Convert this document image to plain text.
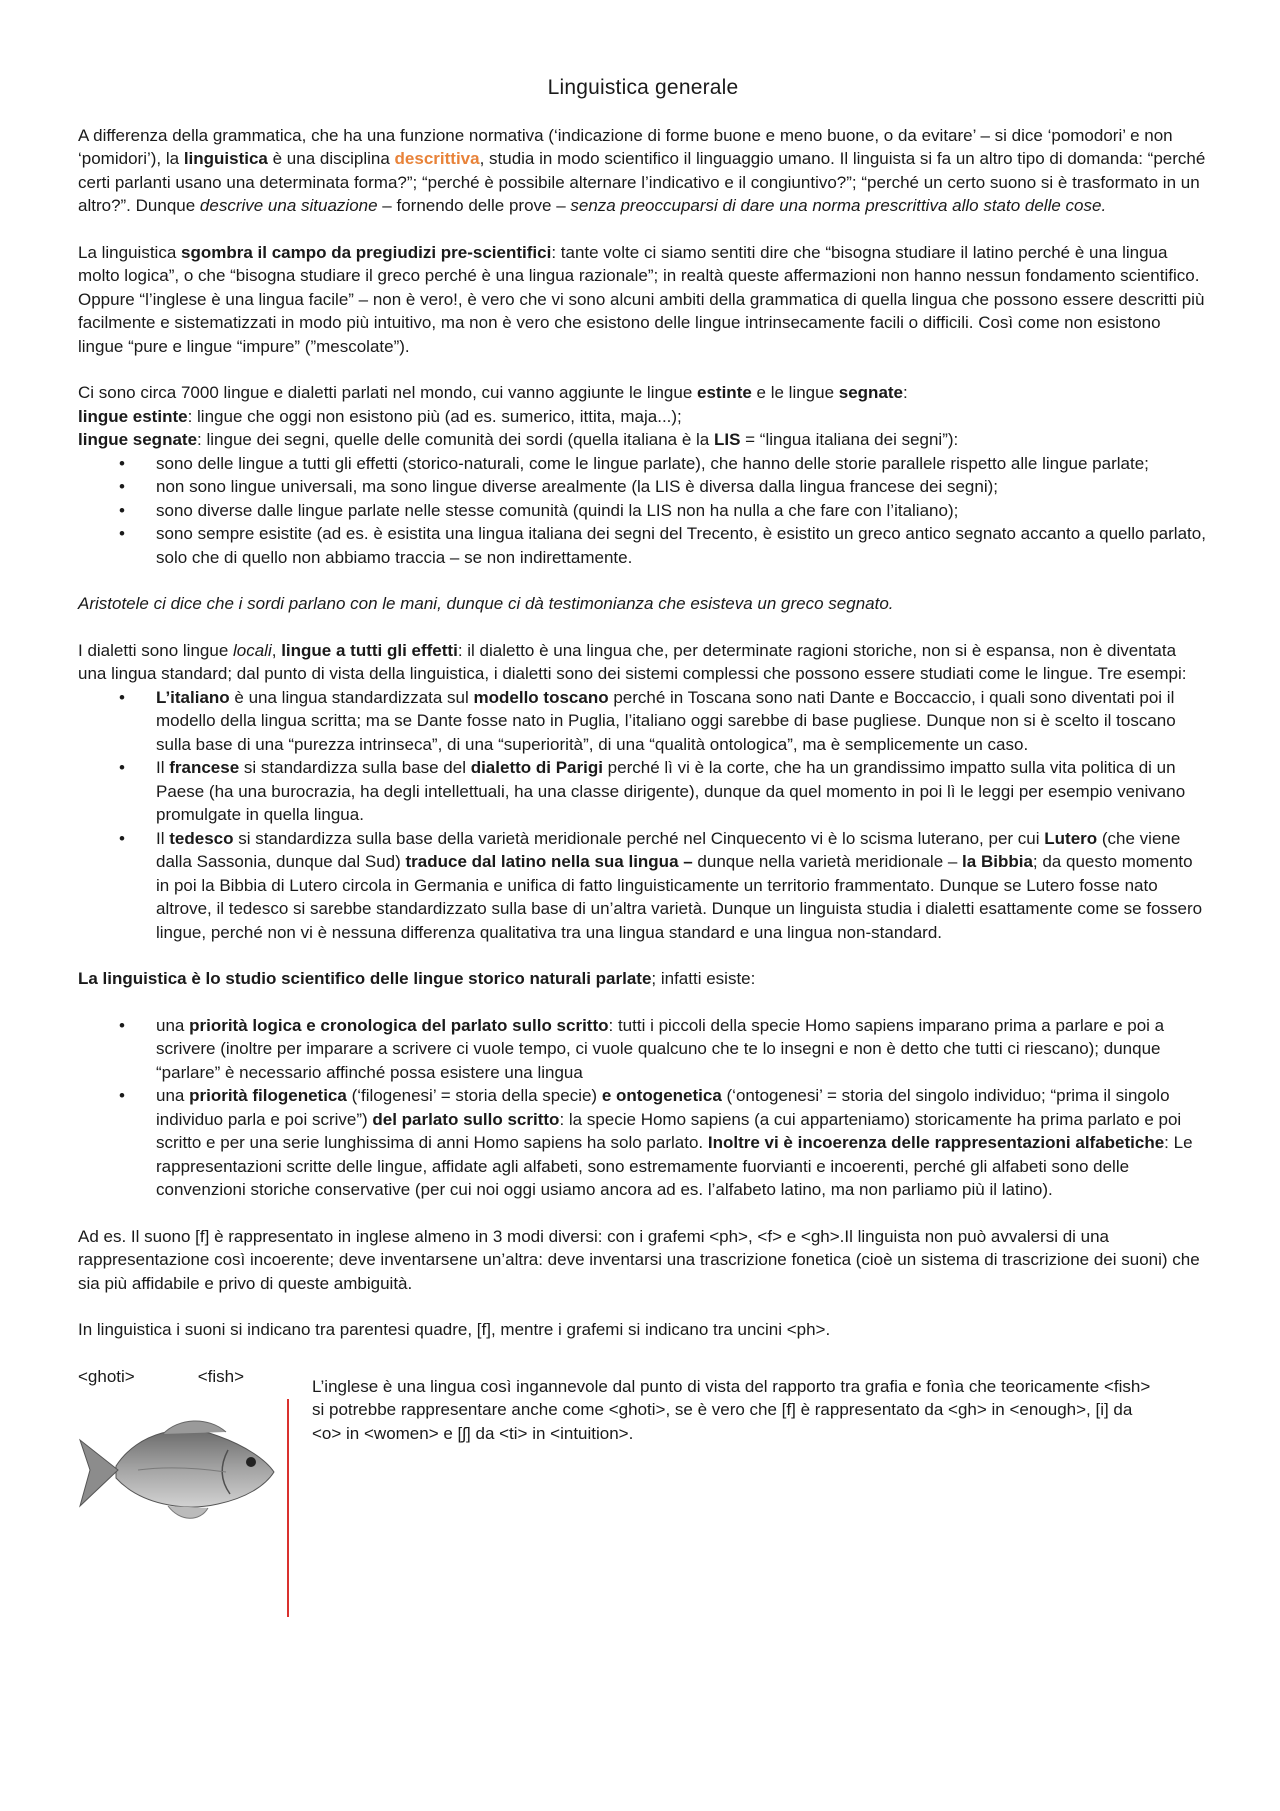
Linguistica generale

A differenza della grammatica, che ha una funzione normativa (‘indicazione di forme buone e meno buone, o da evitare’ – si dice ‘pomodori’ e non ‘pomidori’), la linguistica è una disciplina descrittiva, studia in modo scientifico il linguaggio umano. Il linguista si fa un altro tipo di domanda: “perché certi parlanti usano una determinata forma?”; “perché è possibile alternare l’indicativo e il congiuntivo?”; “perché un certo suono si è trasformato in un altro?”. Dunque descrive una situazione – fornendo delle prove – senza preoccuparsi di dare una norma prescrittiva allo stato delle cose.

La linguistica sgombra il campo da pregiudizi pre-scientifici: tante volte ci siamo sentiti dire che “bisogna studiare il latino perché è una lingua molto logica”, o che “bisogna studiare il greco perché è una lingua razionale”; in realtà queste affermazioni non hanno nessun fondamento scientifico. Oppure “l’inglese è una lingua facile” – non è vero!, è vero che vi sono alcuni ambiti della grammatica di quella lingua che possono essere descritti più facilmente e sistematizzati in modo più intuitivo, ma non è vero che esistono delle lingue intrinsecamente facili o difficili. Così come non esistono lingue “pure e lingue “impure” (”mescolate”).

Ci sono circa 7000 lingue e dialetti parlati nel mondo, cui vanno aggiunte le lingue estinte e le lingue segnate:

lingue estinte: lingue che oggi non esistono più (ad es. sumerico, ittita, maja...);

lingue segnate: lingue dei segni, quelle delle comunità dei sordi (quella italiana è la LIS = “lingua italiana dei segni”):

• sono delle lingue a tutti gli effetti (storico-naturali, come le lingue parlate), che hanno delle storie parallele rispetto alle lingue parlate;
• non sono lingue universali, ma sono lingue diverse arealmente (la LIS è diversa dalla lingua francese dei segni);
• sono diverse dalle lingue parlate nelle stesse comunità (quindi la LIS non ha nulla a che fare con l’italiano);
• sono sempre esistite (ad es. è esistita una lingua italiana dei segni del Trecento, è esistito un greco antico segnato accanto a quello parlato, solo che di quello non abbiamo traccia – se non indirettamente.

Aristotele ci dice che i sordi parlano con le mani, dunque ci dà testimonianza che esisteva un greco segnato.

I dialetti sono lingue locali, lingue a tutti gli effetti: il dialetto è una lingua che, per determinate ragioni storiche, non si è espansa, non è diventata una lingua standard; dal punto di vista della linguistica, i dialetti sono dei sistemi complessi che possono essere studiati come le lingue. Tre esempi:

• L’italiano è una lingua standardizzata sul modello toscano perché in Toscana sono nati Dante e Boccaccio, i quali sono diventati poi il modello della lingua scritta; ma se Dante fosse nato in Puglia, l’italiano oggi sarebbe di base pugliese. Dunque non si è scelto il toscano sulla base di una “purezza intrinseca”, di una “superiorità”, di una “qualità ontologica”, ma è semplicemente un caso.
• Il francese si standardizza sulla base del dialetto di Parigi perché lì vi è la corte, che ha un grandissimo impatto sulla vita politica di un Paese (ha una burocrazia, ha degli intellettuali, ha una classe dirigente), dunque da quel momento in poi lì le leggi per esempio venivano promulgate in quella lingua.
• Il tedesco si standardizza sulla base della varietà meridionale perché nel Cinquecento vi è lo scisma luterano, per cui Lutero (che viene dalla Sassonia, dunque dal Sud) traduce dal latino nella sua lingua – dunque nella varietà meridionale – la Bibbia; da questo momento in poi la Bibbia di Lutero circola in Germania e unifica di fatto linguisticamente un territorio frammentato. Dunque se Lutero fosse nato altrove, il tedesco si sarebbe standardizzato sulla base di un’altra varietà. Dunque un linguista studia i dialetti esattamente come se fossero lingue, perché non vi è nessuna differenza qualitativa tra una lingua standard e una lingua non-standard.

La linguistica è lo studio scientifico delle lingue storico naturali parlate; infatti esiste:

• una priorità logica e cronologica del parlato sullo scritto: tutti i piccoli della specie Homo sapiens imparano prima a parlare e poi a scrivere (inoltre per imparare a scrivere ci vuole tempo, ci vuole qualcuno che te lo insegni e non è detto che tutti ci riescano); dunque “parlare” è necessario affinché possa esistere una lingua
• una priorità filogenetica (‘filogenesi’ = storia della specie) e ontogenetica (‘ontogenesi’ = storia del singolo individuo; “prima il singolo individuo parla e poi scrive”) del parlato sullo scritto: la specie Homo sapiens (a cui apparteniamo) storicamente ha prima parlato e poi scritto e per una serie lunghissima di anni Homo sapiens ha solo parlato. Inoltre vi è incoerenza delle rappresentazioni alfabetiche: Le rappresentazioni scritte delle lingue, affidate agli alfabeti, sono estremamente fuorvianti e incoerenti, perché gli alfabeti sono delle convenzioni storiche conservative (per cui noi oggi usiamo ancora ad es. l’alfabeto latino, ma non parliamo più il latino).

Ad es. Il suono [f] è rappresentato in inglese almeno in 3 modi diversi: con i grafemi <ph>, <f> e <gh>.Il linguista non può avvalersi di una rappresentazione così incoerente; deve inventarsene un’altra: deve inventarsi una trascrizione fonetica (cioè un sistema di trascrizione dei suoni) che sia più affidabile e privo di queste ambiguità.

In linguistica i suoni si indicano tra parentesi quadre, [f], mentre i grafemi si indicano tra uncini <ph>.

<ghoti>	<fish>

L’inglese è una lingua così ingannevole dal punto di vista del rapporto tra grafia e fonìa che teoricamente <fish> si potrebbe rappresentare anche come <ghoti>, se è vero che [f] è rappresentato da <gh> in <enough>, [i] da <o> in <women> e [ʃ] da <ti> in <intuition>.
